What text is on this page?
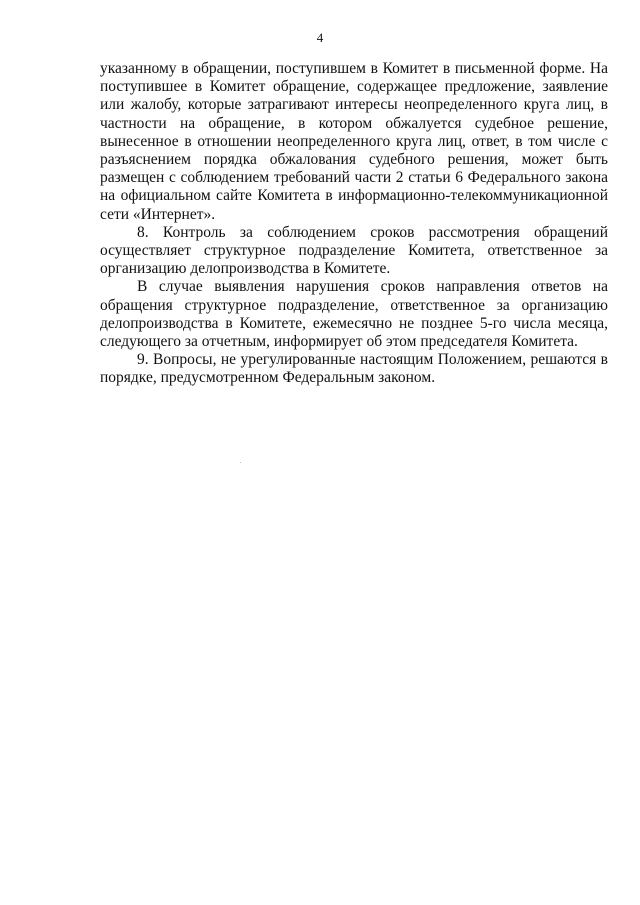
4

указанному в обращении, поступившем в Комитет в письменной форме. На поступившее в Комитет обращение, содержащее предложение, заявление или жалобу, которые затрагивают интересы неопределенного круга лиц, в частности на обращение, в котором обжалуется судебное решение, вынесенное в отношении неопределенного круга лиц, ответ, в том числе с разъяснением порядка обжалования судебного решения, может быть размещен с соблюдением требований части 2 статьи 6 Федерального закона на официальном сайте Комитета в информационно-телекоммуникационной сети «Интернет».

8. Контроль за соблюдением сроков рассмотрения обращений осуществляет структурное подразделение Комитета, ответственное за организацию делопроизводства в Комитете.

В случае выявления нарушения сроков направления ответов на обращения структурное подразделение, ответственное за организацию делопроизводства в Комитете, ежемесячно не позднее 5-го числа месяца, следующего за отчетным, информирует об этом председателя Комитета.

9. Вопросы, не урегулированные настоящим Положением, решаются в порядке, предусмотренном Федеральным законом.
